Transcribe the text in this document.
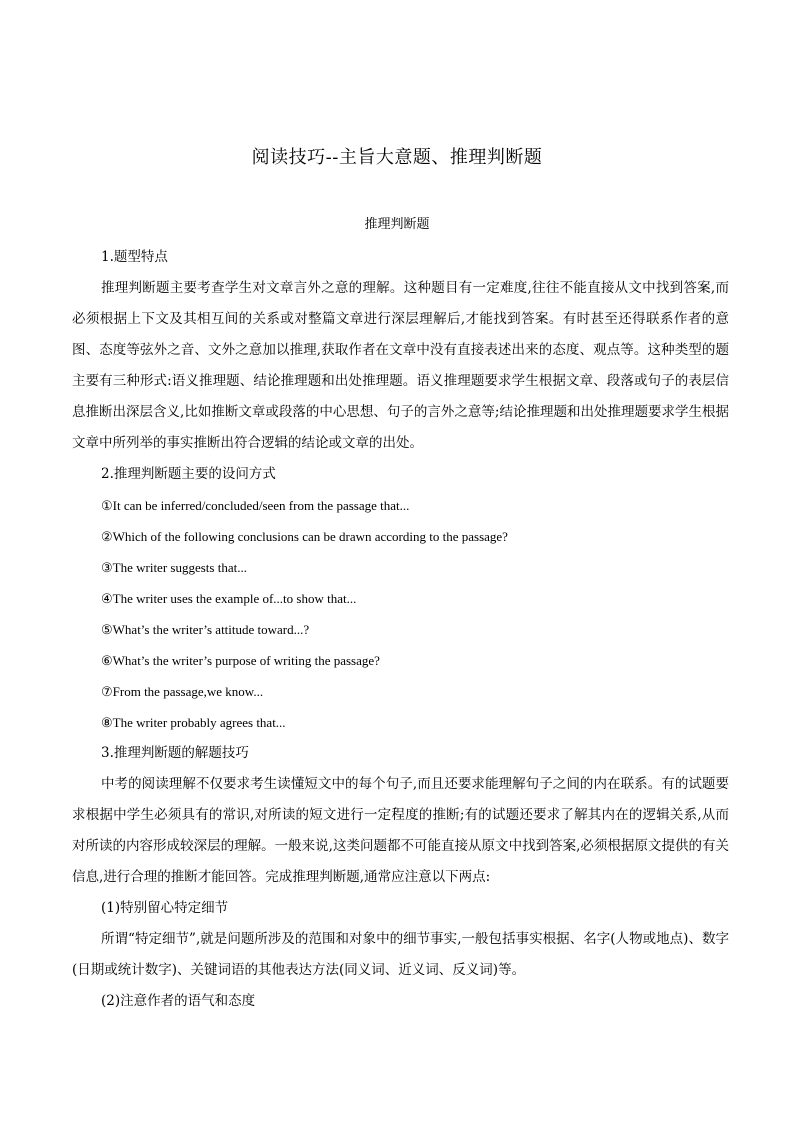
阅读技巧--主旨大意题、推理判断题
推理判断题

1.题型特点

推理判断题主要考查学生对文章言外之意的理解。这种题目有一定难度,往往不能直接从文中找到答案,而必须根据上下文及其相互间的关系或对整篇文章进行深层理解后,才能找到答案。有时甚至还得联系作者的意图、态度等弦外之音、文外之意加以推理,获取作者在文章中没有直接表述出来的态度、观点等。这种类型的题主要有三种形式:语义推理题、结论推理题和出处推理题。语义推理题要求学生根据文章、段落或句子的表层信息推断出深层含义,比如推断文章或段落的中心思想、句子的言外之意等;结论推理题和出处推理题要求学生根据文章中所列举的事实推断出符合逻辑的结论或文章的出处。

2.推理判断题主要的设问方式

①It can be inferred/concluded/seen from the passage that...

②Which of the following conclusions can be drawn according to the passage?

③The writer suggests that...

④The writer uses the example of...to show that...

⑤What’s the writer’s attitude toward...?

⑥What’s the writer’s purpose of writing the passage?

⑦From the passage,we know...

⑧The writer probably agrees that...

3.推理判断题的解题技巧

中考的阅读理解不仅要求考生读懂短文中的每个句子,而且还要求能理解句子之间的内在联系。有的试题要求根据中学生必须具有的常识,对所读的短文进行一定程度的推断;有的试题还要求了解其内在的逻辑关系,从而对所读的内容形成较深层的理解。一般来说,这类问题都不可能直接从原文中找到答案,必须根据原文提供的有关信息,进行合理的推断才能回答。完成推理判断题,通常应注意以下两点:

(1)特别留心特定细节

所谓“特定细节”,就是问题所涉及的范围和对象中的细节事实,一般包括事实根据、名字(人物或地点)、数字(日期或统计数字)、关键词语的其他表达方法(同义词、近义词、反义词)等。

(2)注意作者的语气和态度
